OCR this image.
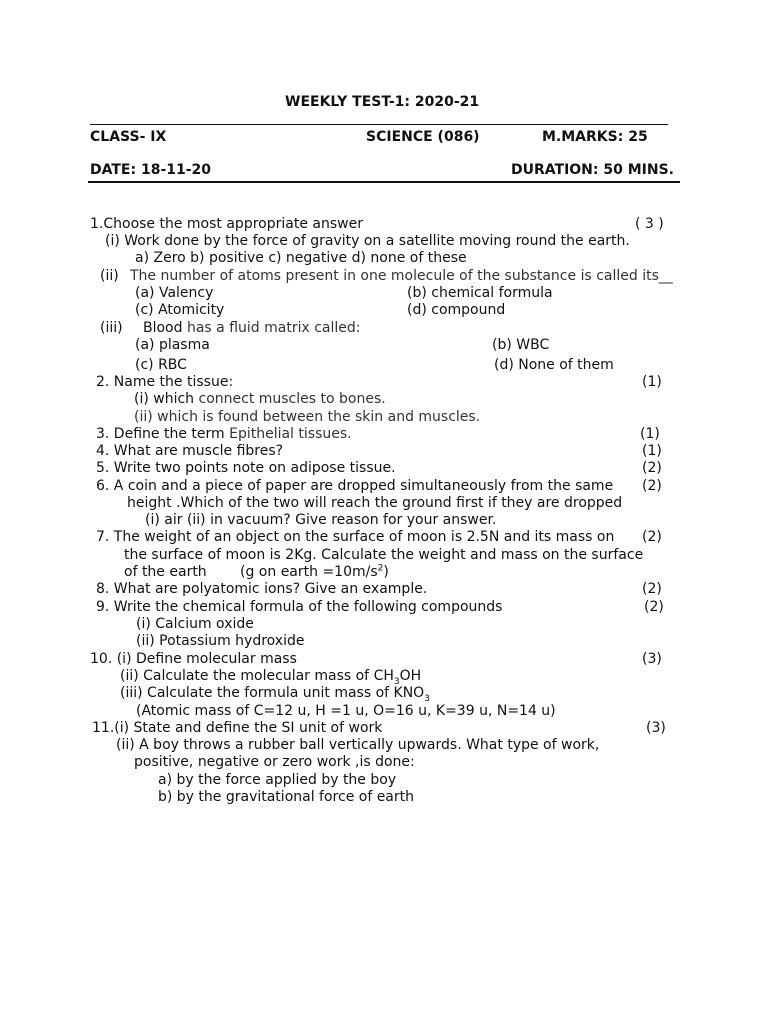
WEEKLY TEST-1: 2020-21
CLASS- IX	SCIENCE (086)	M.MARKS: 25
DATE: 18-11-20	DURATION: 50 MINS.
1.Choose the most appropriate answer	( 3 )
(i) Work done by the force of gravity on a satellite moving round the earth.
a) Zero b) positive c) negative d) none of these
(ii) The number of atoms present in one molecule of the substance is called its__
(a) Valency	(b) chemical formula
(c) Atomicity	(d) compound
(iii) Blood has a fluid matrix called:
(a) plasma	(b) WBC
(c) RBC	(d) None of them
2. Name the tissue:	(1)
(i) which connect muscles to bones.
(ii) which is found between the skin and muscles.
3. Define the term Epithelial tissues.	(1)
4. What are muscle fibres?	(1)
5. Write two points note on adipose tissue.	(2)
6. A coin and a piece of paper are dropped simultaneously from the same (2)
height .Which of the two will reach the ground first if they are dropped
(i) air (ii) in vacuum? Give reason for your answer.
7. The weight of an object on the surface of moon is 2.5N and its mass on (2)
the surface of moon is 2Kg. Calculate the weight and mass on the surface
of the earth (g on earth $=10m/s^2$)
8. What are polyatomic ions? Give an example.	(2)
9. Write the chemical formula of the following compounds	(2)
(i) Calcium oxide
(ii) Potassium hydroxide
10. (i) Define molecular mass	(3)
(ii) Calculate the molecular mass of $CH_3OH$
(iii) Calculate the formula unit mass of $KNO_3$
(Atomic mass of C=12 u, H =1 u, O=16 u, K=39 u, N=14 u)
11.(i) State and define the SI unit of work	(3)
(ii) A boy throws a rubber ball vertically upwards. What type of work,
positive, negative or zero work ,is done:
a) by the force applied by the boy
b) by the gravitational force of earth
